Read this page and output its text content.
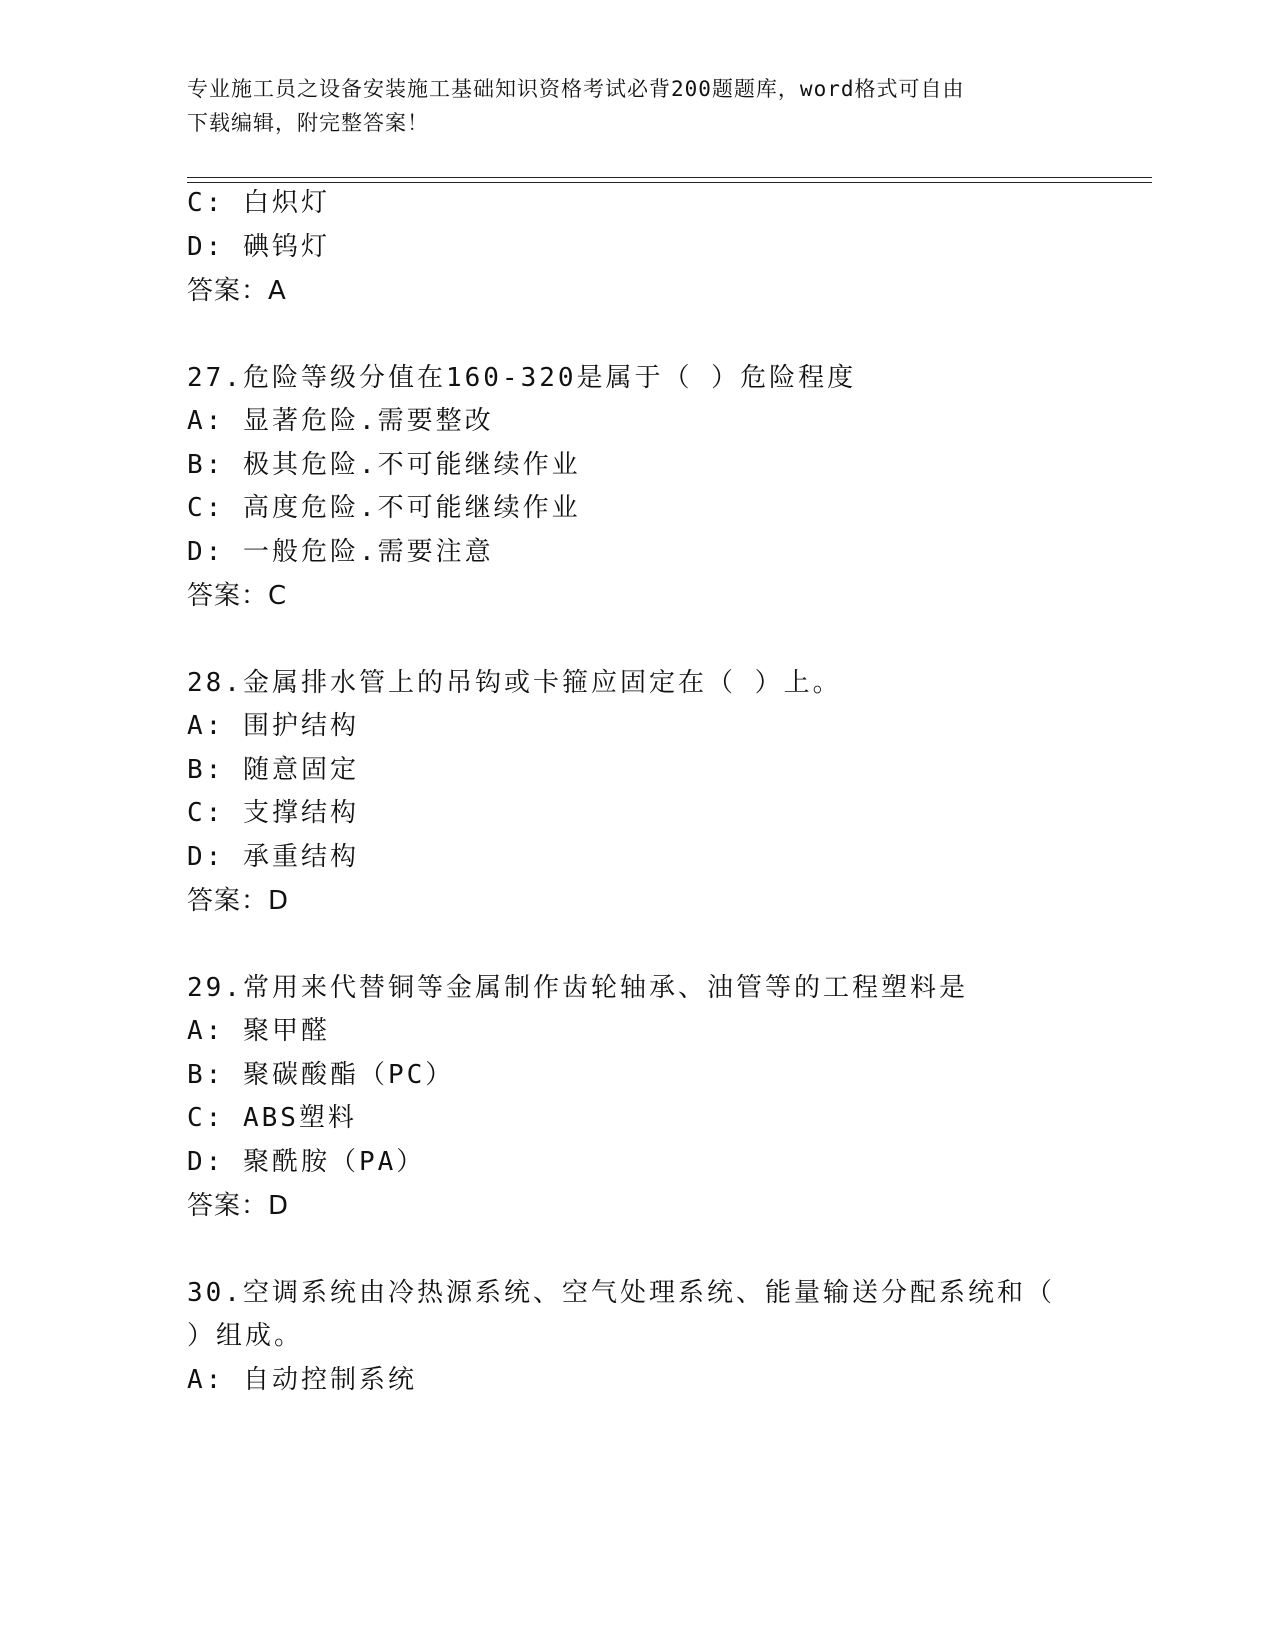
专业施工员之设备安装施工基础知识资格考试必背200题题库，word格式可自由
下载编辑，附完整答案！
C: 白炽灯
D: 碘钨灯
答案：A
27.危险等级分值在160-320是属于（ ）危险程度
A: 显著危险.需要整改
B: 极其危险.不可能继续作业
C: 高度危险.不可能继续作业
D: 一般危险.需要注意
答案：C
28.金属排水管上的吊钩或卡箍应固定在（ ）上。
A: 围护结构
B: 随意固定
C: 支撑结构
D: 承重结构
答案：D
29.常用来代替铜等金属制作齿轮轴承、油管等的工程塑料是
A: 聚甲醛
B: 聚碳酸酯（PC）
C: ABS塑料
D: 聚酰胺（PA）
答案：D
30.空调系统由冷热源系统、空气处理系统、能量输送分配系统和（
）组成。
A: 自动控制系统
